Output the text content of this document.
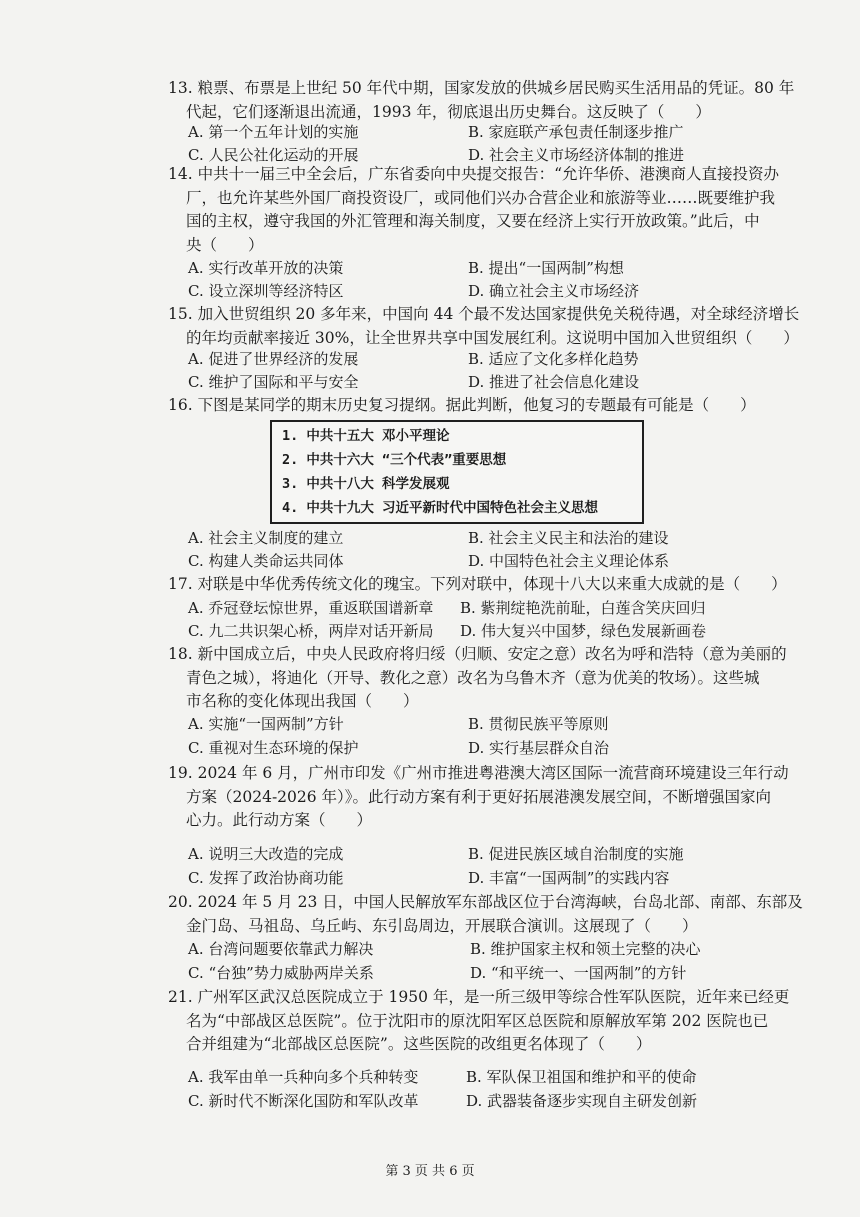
13. 粮票、布票是上世纪 50 年代中期，国家发放的供城乡居民购买生活用品的凭证。80 年
代起，它们逐渐退出流通，1993 年，彻底退出历史舞台。这反映了（　　）
A. 第一个五年计划的实施	B. 家庭联产承包责任制逐步推广
C. 人民公社化运动的开展	D. 社会主义市场经济体制的推进
14. 中共十一届三中全会后，广东省委向中央提交报告：“允许华侨、港澳商人直接投资办
厂，也允许某些外国厂商投资设厂，或同他们兴办合营企业和旅游等业……既要维护我
国的主权，遵守我国的外汇管理和海关制度，又要在经济上实行开放政策。”此后，中
央（　　）
A. 实行改革开放的决策	B. 提出“一国两制”构想
C. 设立深圳等经济特区	D. 确立社会主义市场经济
15. 加入世贸组织 20 多年来，中国向 44 个最不发达国家提供免关税待遇，对全球经济增长
的年均贡献率接近 30%，让全世界共享中国发展红利。这说明中国加入世贸组织（　　）
A. 促进了世界经济的发展	B. 适应了文化多样化趋势
C. 维护了国际和平与安全	D. 推进了社会信息化建设
16. 下图是某同学的期末历史复习提纲。据此判断，他复习的专题最有可能是（　　）
1. 中共十五大 邓小平理论
2. 中共十六大 “三个代表”重要思想
3. 中共十八大 科学发展观
4. 中共十九大 习近平新时代中国特色社会主义思想
A. 社会主义制度的建立	B. 社会主义民主和法治的建设
C. 构建人类命运共同体	D. 中国特色社会主义理论体系
17. 对联是中华优秀传统文化的瑰宝。下列对联中，体现十八大以来重大成就的是（　　）
A. 乔冠登坛惊世界，重返联国谱新章 B. 紫荆绽艳洗前耻，白莲含笑庆回归
C. 九二共识架心桥，两岸对话开新局 D. 伟大复兴中国梦，绿色发展新画卷
18. 新中国成立后，中央人民政府将归绥（归顺、安定之意）改名为呼和浩特（意为美丽的
青色之城），将迪化（开导、教化之意）改名为乌鲁木齐（意为优美的牧场）。这些城
市名称的变化体现出我国（　　）
A. 实施“一国两制”方针	B. 贯彻民族平等原则
C. 重视对生态环境的保护	D. 实行基层群众自治
19. 2024 年 6 月，广州市印发《广州市推进粤港澳大湾区国际一流营商环境建设三年行动
方案（2024-2026 年）》。此行动方案有利于更好拓展港澳发展空间，不断增强国家向
心力。此行动方案（　　）
A. 说明三大改造的完成	B. 促进民族区域自治制度的实施
C. 发挥了政治协商功能	D. 丰富“一国两制”的实践内容
20. 2024 年 5 月 23 日，中国人民解放军东部战区位于台湾海峡，台岛北部、南部、东部及
金门岛、马祖岛、乌丘屿、东引岛周边，开展联合演训。这展现了（　　）
A. 台湾问题要依靠武力解决	B. 维护国家主权和领土完整的决心
C. “台独”势力威胁两岸关系	D. “和平统一、一国两制”的方针
21. 广州军区武汉总医院成立于 1950 年，是一所三级甲等综合性军队医院，近年来已经更
名为“中部战区总医院”。位于沈阳市的原沈阳军区总医院和原解放军第 202 医院也已
合并组建为“北部战区总医院”。这些医院的改组更名体现了（　　）
A. 我军由单一兵种向多个兵种转变	B. 军队保卫祖国和维护和平的使命
C. 新时代不断深化国防和军队改革	D. 武器装备逐步实现自主研发创新
第 3 页 共 6 页
